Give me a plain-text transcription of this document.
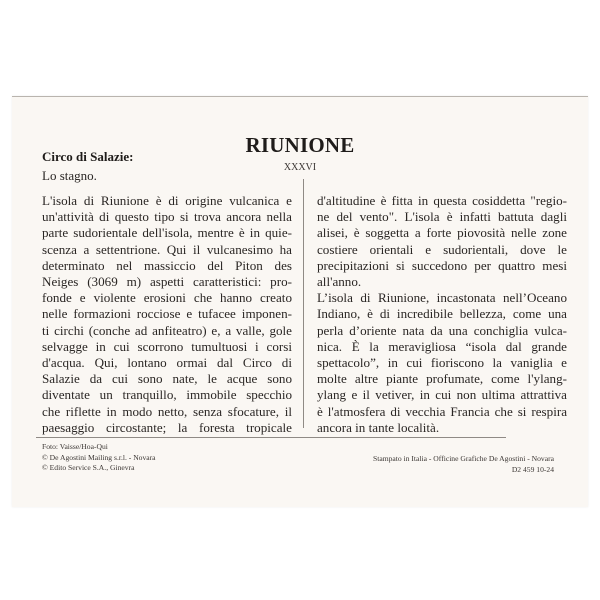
Circo di Salazie:
Lo stagno.
RIUNIONE
XXXVI
L'isola di Riunione è di origine vulcanica e
un'attività di questo tipo si trova ancora nella
parte sudorientale dell'isola, mentre è in quie-
scenza a settentrione. Qui il vulcanesimo ha
determinato nel massiccio del Piton des
Neiges (3069 m) aspetti caratteristici: pro-
fonde e violente erosioni che hanno creato
nelle formazioni rocciose e tufacee imponen-
ti circhi (conche ad anfiteatro) e, a valle, gole
selvagge in cui scorrono tumultuosi i corsi
d'acqua. Qui, lontano ormai dal Circo di
Salazie da cui sono nate, le acque sono
diventate un tranquillo, immobile specchio
che riflette in modo netto, senza sfocature, il
paesaggio circostante; la foresta tropicale
d'altitudine è fitta in questa cosiddetta "regio-
ne del vento". L'isola è infatti battuta dagli
alisei, è soggetta a forte piovosità nelle zone
costiere orientali e sudorientali, dove le
precipitazioni si succedono per quattro mesi
all'anno.
L’isola di Riunione, incastonata nell’Oceano
Indiano, è di incredibile bellezza, come una
perla d’oriente nata da una conchiglia vulca-
nica. È la meravigliosa “isola dal grande
spettacolo”, in cui fioriscono la vaniglia e
molte altre piante profumate, come l'ylang-
ylang e il vetiver, in cui non ultima attrattiva
è l'atmosfera di vecchia Francia che si respira
ancora in tante località.
Foto: Vaisse/Hoa-Qui
© De Agostini Mailing s.r.l. - Novara
© Edito Service S.A., Ginevra
Stampato in Italia - Officine Grafiche De Agostini - Novara
D2 459 10-24
